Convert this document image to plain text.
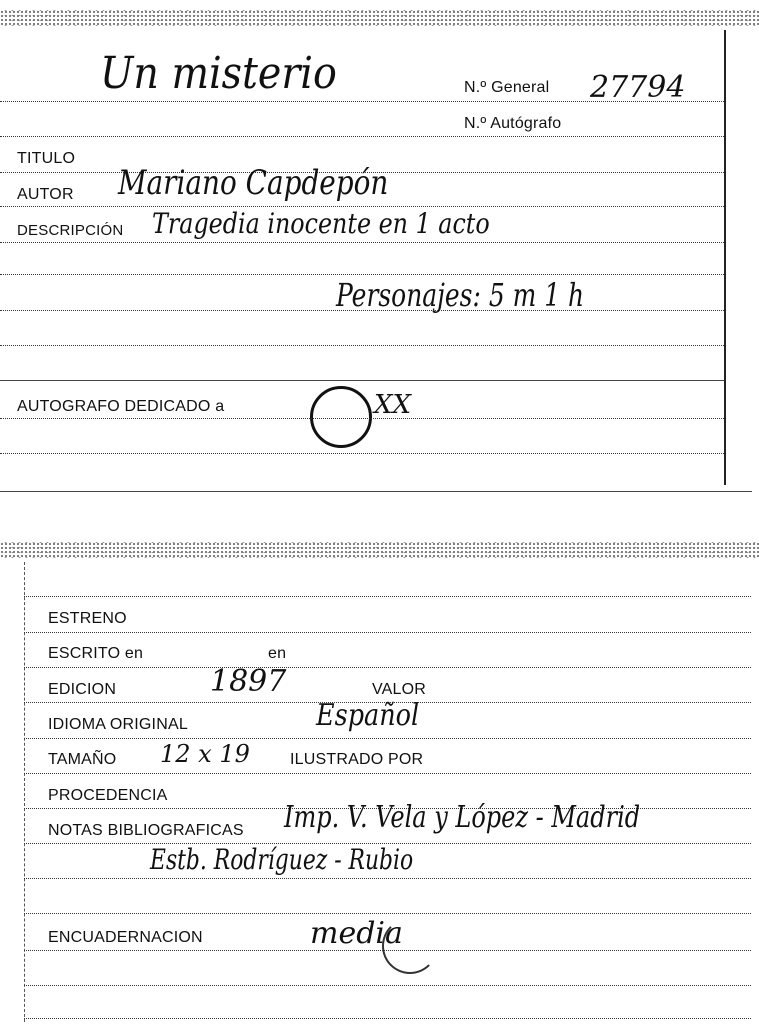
Un misterio	N.º General 27794
N.º Autógrafo
TITULO
AUTOR Mariano Capdepón
DESCRIPCIÓN Tragedia inocente en 1 acto
Personajes: 5 m 1 h
AUTOGRAFO DEDICADO a	XX
ESTRENO
ESCRITO en	en
EDICION	1897	VALOR
IDIOMA ORIGINAL	Español
TAMAÑO 12 x 19	ILUSTRADO POR
PROCEDENCIA
NOTAS BIBLIOGRAFICAS Imp. V. Vela y López - Madrid
Estb. Rodríguez - Rubio
ENCUADERNACION	media
